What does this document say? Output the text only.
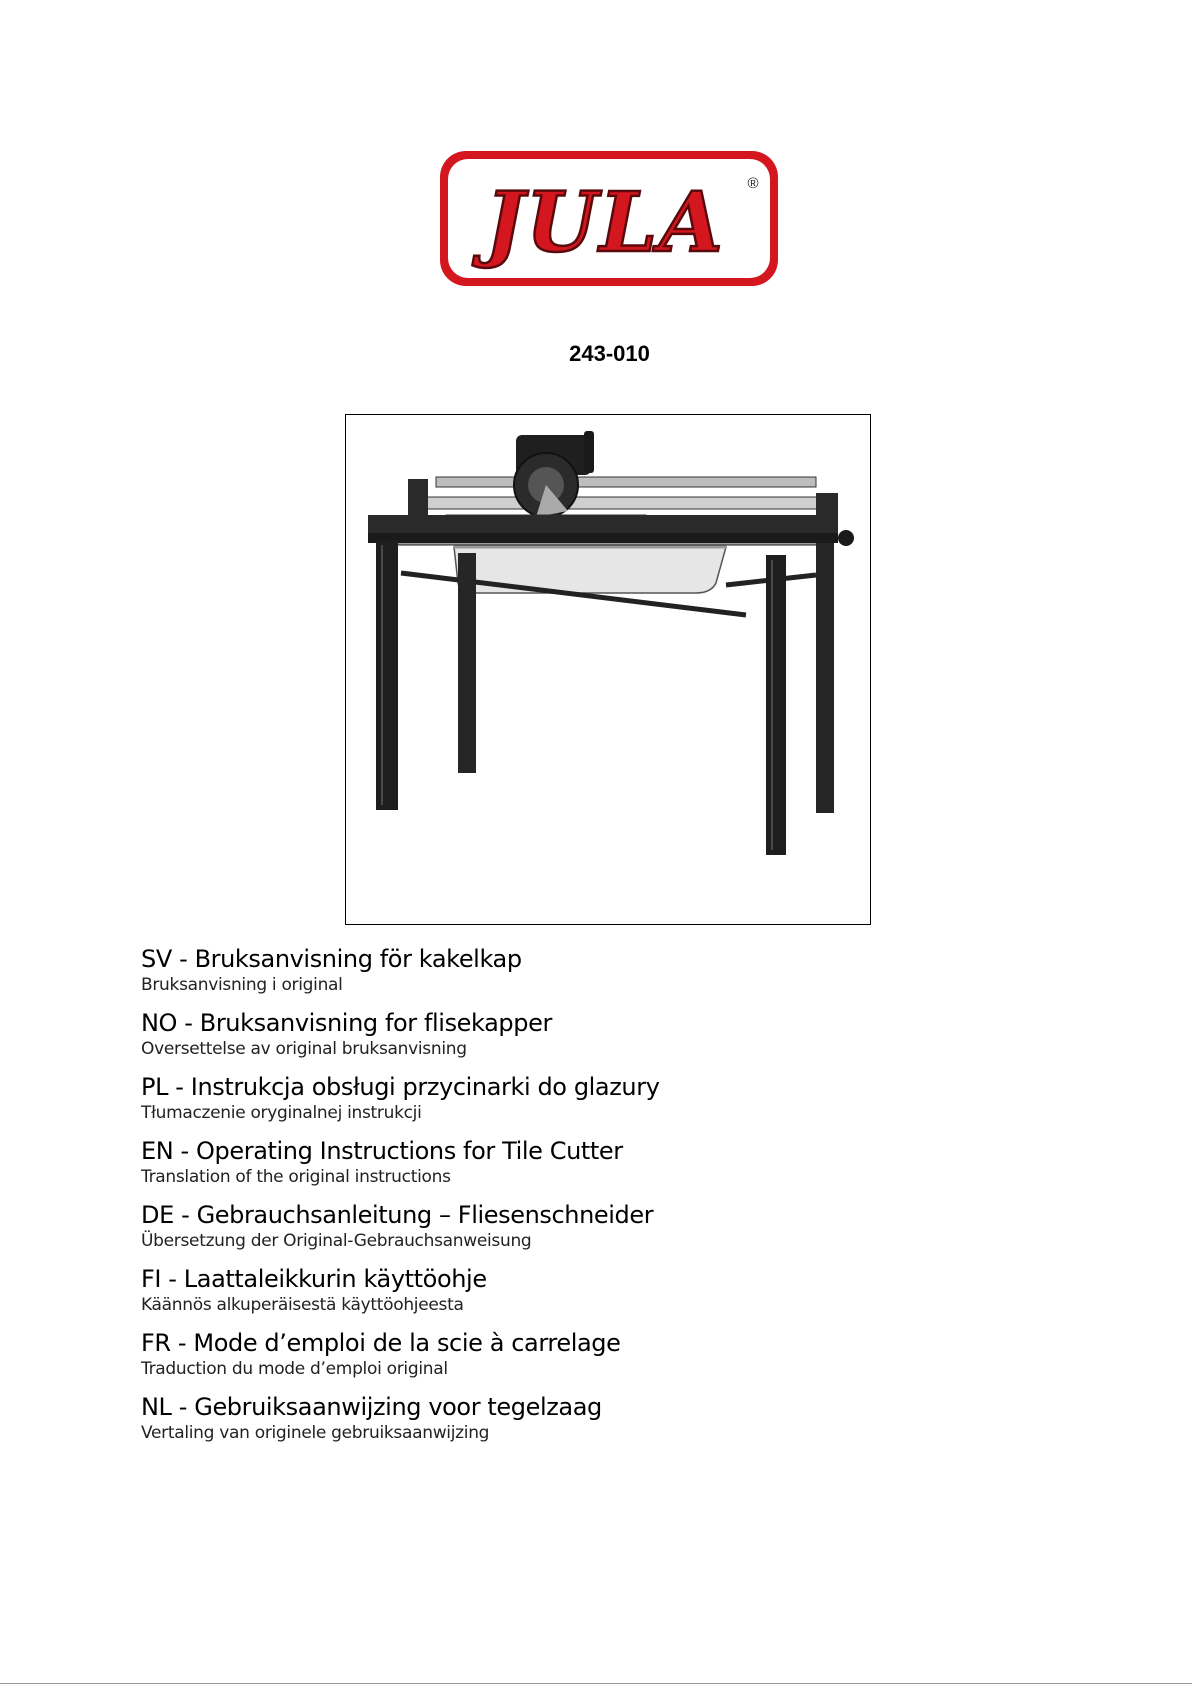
JULA ®
243-010
SV - Bruksanvisning för kakelkap
Bruksanvisning i original
NO - Bruksanvisning for flisekapper
Oversettelse av original bruksanvisning
PL - Instrukcja obsługi przycinarki do glazury
Tłumaczenie oryginalnej instrukcji
EN - Operating Instructions for Tile Cutter
Translation of the original instructions
DE - Gebrauchsanleitung – Fliesenschneider
Übersetzung der Original-Gebrauchsanweisung
FI - Laattaleikkurin käyttöohje
Käännös alkuperäisestä käyttöohjeesta
FR - Mode d’emploi de la scie à carrelage
Traduction du mode d’emploi original
NL - Gebruiksaanwijzing voor tegelzaag
Vertaling van originele gebruiksaanwijzing
